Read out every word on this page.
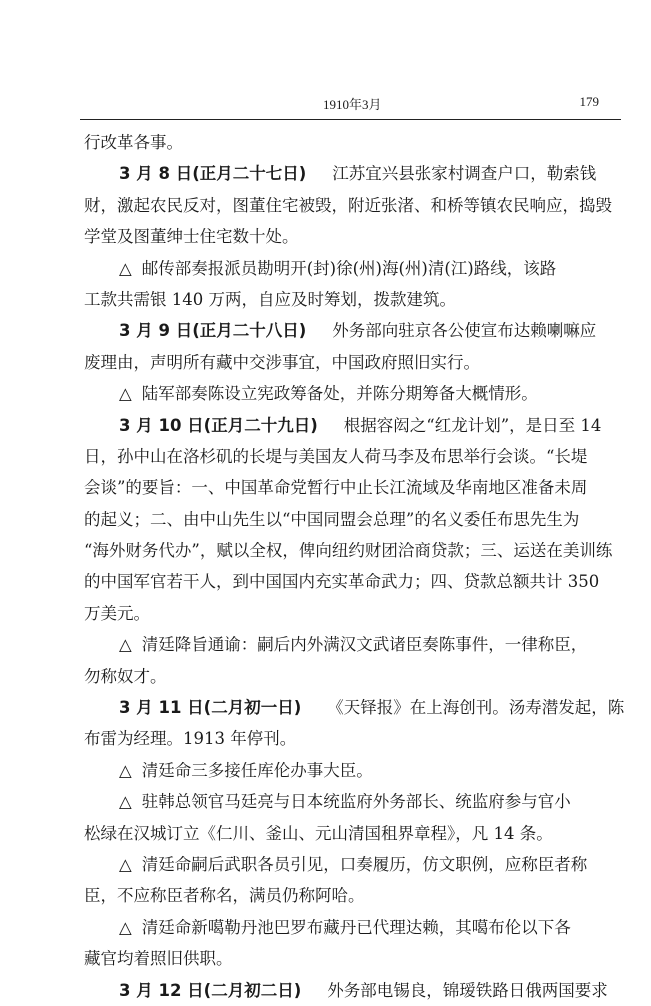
1910年3月	179
行改革各事。
3 月 8 日(正月二十七日) 江苏宜兴县张家村调查户口，勒索钱
财，激起农民反对，图董住宅被毁，附近张渚、和桥等镇农民响应，捣毁
学堂及图董绅士住宅数十处。
△ 邮传部奏报派员勘明开(封)徐(州)海(州)清(江)路线，该路
工款共需银 140 万两，自应及时筹划，拨款建筑。
3 月 9 日(正月二十八日) 外务部向驻京各公使宣布达赖喇嘛应
废理由，声明所有藏中交涉事宜，中国政府照旧实行。
△ 陆军部奏陈设立宪政筹备处，并陈分期筹备大概情形。
3 月 10 日(正月二十九日) 根据容闳之“红龙计划”，是日至 14
日，孙中山在洛杉矶的长堤与美国友人荷马李及布思举行会谈。“长堤
会谈”的要旨：一、中国革命党暂行中止长江流域及华南地区准备未周
的起义；二、由中山先生以“中国同盟会总理”的名义委任布思先生为
“海外财务代办”，赋以全权，俾向纽约财团洽商贷款；三、运送在美训练
的中国军官若干人，到中国国内充实革命武力；四、贷款总额共计 350
万美元。
△ 清廷降旨通谕：嗣后内外满汉文武诸臣奏陈事件，一律称臣，
勿称奴才。
3 月 11 日(二月初一日) 《天铎报》在上海创刊。汤寿潜发起，陈
布雷为经理。1913 年停刊。
△ 清廷命三多接任库伦办事大臣。
△ 驻韩总领官马廷亮与日本统监府外务部长、统监府参与官小
松绿在汉城订立《仁川、釜山、元山清国租界章程》，凡 14 条。
△ 清廷命嗣后武职各员引见，口奏履历，仿文职例，应称臣者称
臣，不应称臣者称名，满员仍称阿哈。
△ 清廷命新噶勒丹池巴罗布藏丹已代理达赖，其噶布伦以下各
藏官均着照旧供职。
3 月 12 日(二月初二日) 外务部电锡良，锦瑷铁路日俄两国要求
